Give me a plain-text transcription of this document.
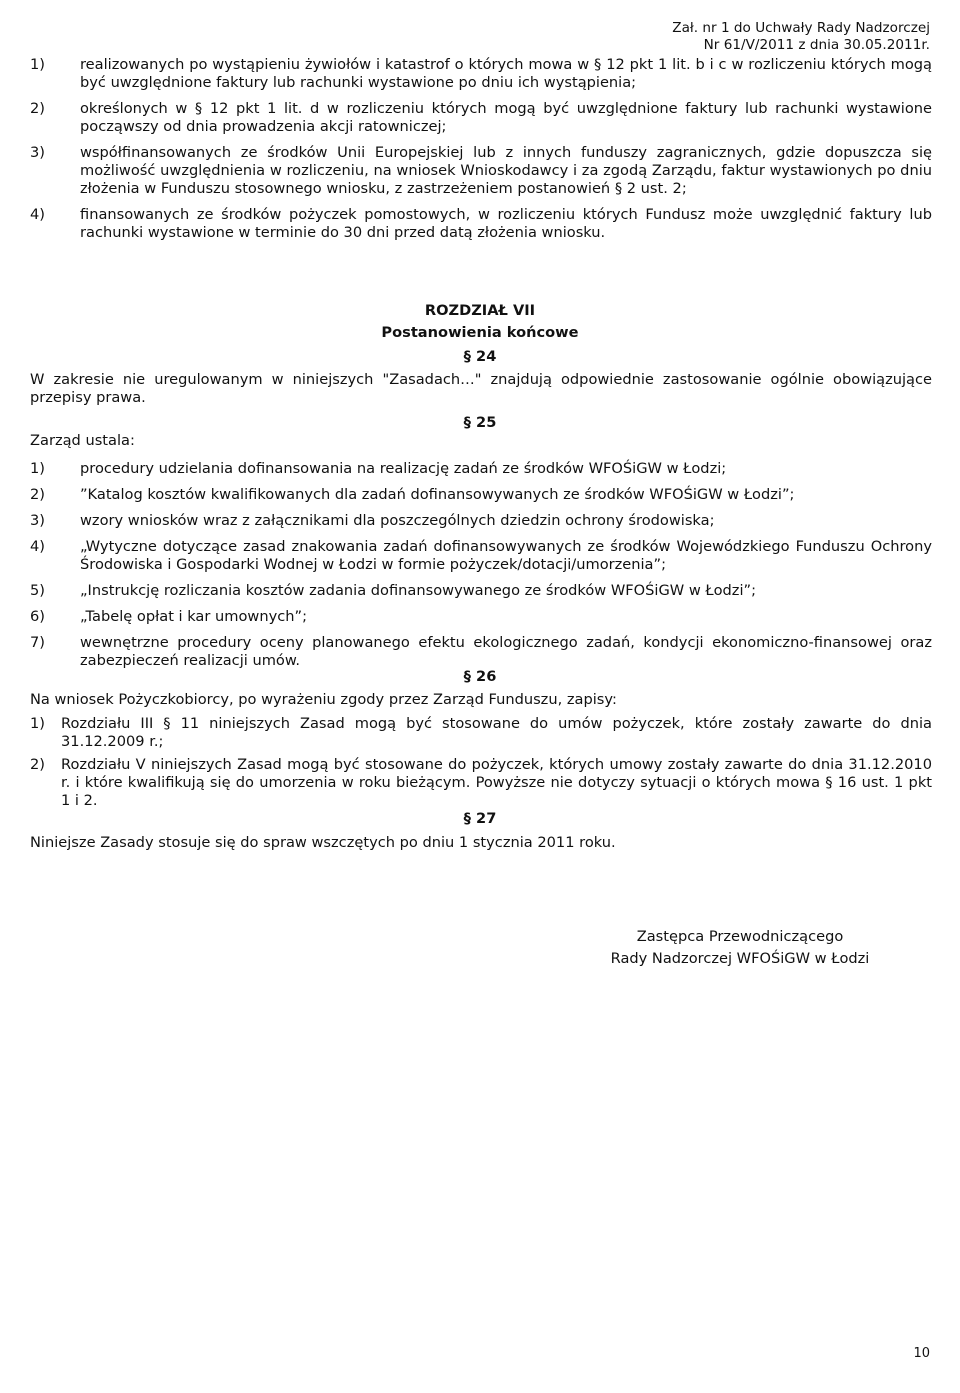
Zał. nr 1 do Uchwały Rady Nadzorczej
Nr 61/V/2011 z dnia 30.05.2011r.
1)	realizowanych po wystąpieniu żywiołów i katastrof o których mowa w § 12 pkt 1 lit. b i c w rozliczeniu których mogą być uwzględnione faktury lub rachunki wystawione po dniu ich wystąpienia;
2)	określonych w § 12 pkt 1 lit. d w rozliczeniu których mogą być uwzględnione faktury lub rachunki wystawione począwszy od dnia prowadzenia akcji ratowniczej;
3)	współfinansowanych ze środków Unii Europejskiej lub z innych funduszy zagranicznych, gdzie dopuszcza się możliwość uwzględnienia w rozliczeniu, na wniosek Wnioskodawcy i za zgodą Zarządu, faktur wystawionych po dniu złożenia w Funduszu stosownego wniosku, z zastrzeżeniem postanowień § 2 ust. 2;
4)	finansowanych ze środków pożyczek pomostowych, w rozliczeniu których Fundusz może uwzględnić faktury lub rachunki wystawione w terminie do 30 dni przed datą złożenia wniosku.
ROZDZIAŁ VII
Postanowienia końcowe
§ 24
W zakresie nie uregulowanym w niniejszych "Zasadach…" znajdują odpowiednie zastosowanie ogólnie obowiązujące przepisy prawa.
§ 25
Zarząd ustala:
1)	procedury udzielania dofinansowania na realizację zadań ze środków WFOŚiGW w Łodzi;
2)	”Katalog kosztów kwalifikowanych dla zadań dofinansowywanych ze środków WFOŚiGW w Łodzi”;
3)	wzory wniosków wraz z załącznikami dla poszczególnych dziedzin ochrony środowiska;
4)	„Wytyczne dotyczące zasad znakowania zadań dofinansowywanych ze środków Wojewódzkiego Funduszu Ochrony Środowiska i Gospodarki Wodnej w Łodzi w formie pożyczek/dotacji/umorzenia”;
5)	„Instrukcję rozliczania kosztów zadania dofinansowywanego ze środków WFOŚiGW w Łodzi”;
6)	„Tabelę opłat i kar umownych”;
7)	wewnętrzne procedury oceny planowanego efektu ekologicznego zadań, kondycji ekonomiczno-finansowej oraz zabezpieczeń realizacji umów.
§ 26
Na wniosek Pożyczkobiorcy, po wyrażeniu zgody przez Zarząd Funduszu, zapisy:
1)	Rozdziału III § 11 niniejszych Zasad mogą być stosowane do umów pożyczek, które zostały zawarte do dnia 31.12.2009 r.;
2)	Rozdziału V niniejszych Zasad mogą być stosowane do pożyczek, których umowy zostały zawarte do dnia 31.12.2010 r. i które kwalifikują się do umorzenia w roku bieżącym. Powyższe nie dotyczy sytuacji o których mowa § 16 ust. 1 pkt 1 i 2.
§ 27
Niniejsze Zasady stosuje się do spraw wszczętych po dniu 1 stycznia 2011 roku.
Zastępca Przewodniczącego
Rady Nadzorczej WFOŚiGW w Łodzi
10
